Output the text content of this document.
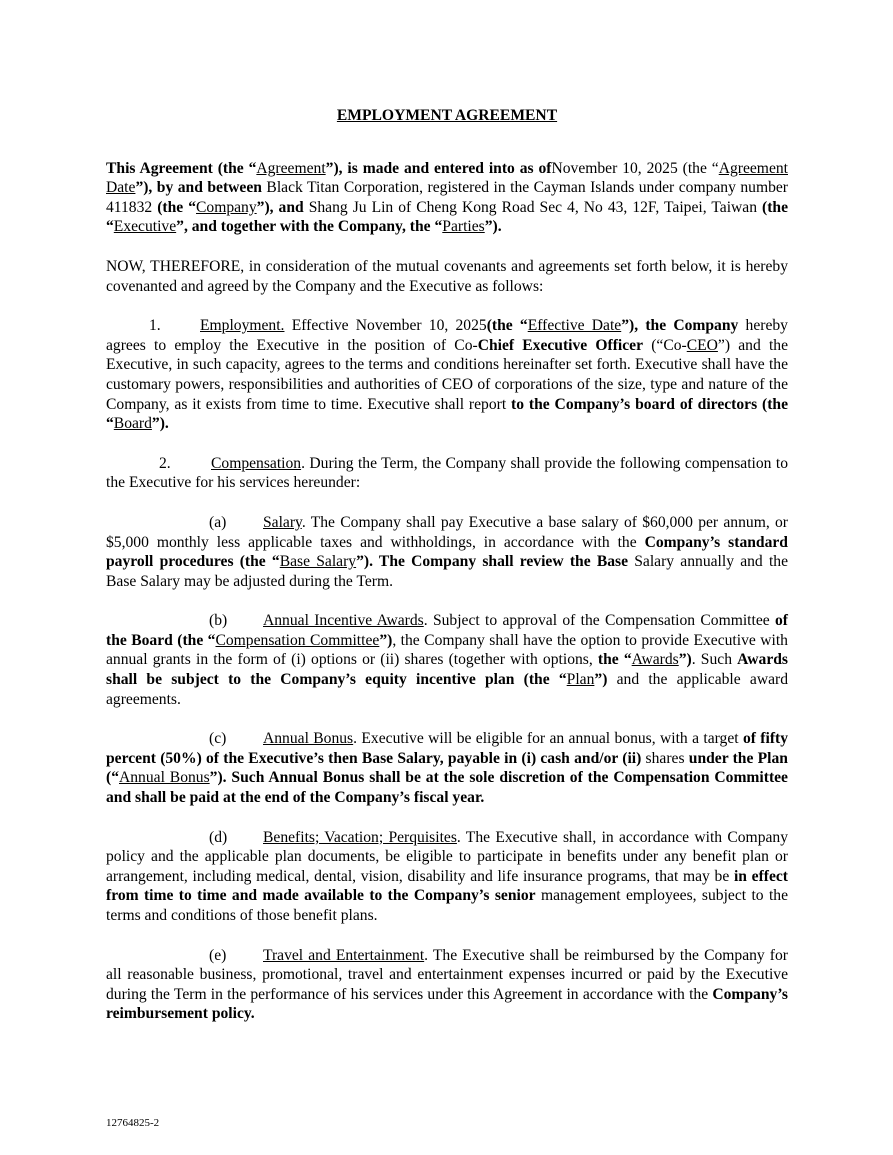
EMPLOYMENT AGREEMENT

This Agreement (the “Agreement”), is made and entered into as ofNovember 10, 2025 (the “Agreement Date”), by and between Black Titan Corporation, registered in the Cayman Islands under company number 411832 (the “Company”), and Shang Ju Lin of Cheng Kong Road Sec 4, No 43, 12F, Taipei, Taiwan (the “Executive”, and together with the Company, the “Parties”).

NOW, THEREFORE, in consideration of the mutual covenants and agreements set forth below, it is hereby covenanted and agreed by the Company and the Executive as follows:

1.	Employment. Effective November 10, 2025(the “Effective Date”), the Company hereby agrees to employ the Executive in the position of Co-Chief Executive Officer (“Co-CEO”) and the Executive, in such capacity, agrees to the terms and conditions hereinafter set forth. Executive shall have the customary powers, responsibilities and authorities of CEO of corporations of the size, type and nature of the Company, as it exists from time to time. Executive shall report to the Company’s board of directors (the “Board”).

2.	Compensation. During the Term, the Company shall provide the following compensation to the Executive for his services hereunder:

(a) Salary. The Company shall pay Executive a base salary of $60,000 per annum, or $5,000 monthly less applicable taxes and withholdings, in accordance with the Company’s standard payroll procedures (the “Base Salary”). The Company shall review the Base Salary annually and the Base Salary may be adjusted during the Term.

(b) Annual Incentive Awards. Subject to approval of the Compensation Committee of the Board (the “Compensation Committee”), the Company shall have the option to provide Executive with annual grants in the form of (i) options or (ii) shares (together with options, the “Awards”). Such Awards shall be subject to the Company’s equity incentive plan (the “Plan”) and the applicable award agreements.

(c) Annual Bonus. Executive will be eligible for an annual bonus, with a target of fifty percent (50%) of the Executive’s then Base Salary, payable in (i) cash and/or (ii) shares under the Plan (“Annual Bonus”). Such Annual Bonus shall be at the sole discretion of the Compensation Committee and shall be paid at the end of the Company’s fiscal year.

(d) Benefits; Vacation; Perquisites. The Executive shall, in accordance with Company policy and the applicable plan documents, be eligible to participate in benefits under any benefit plan or arrangement, including medical, dental, vision, disability and life insurance programs, that may be in effect from time to time and made available to the Company’s senior management employees, subject to the terms and conditions of those benefit plans.

(e) Travel and Entertainment. The Executive shall be reimbursed by the Company for all reasonable business, promotional, travel and entertainment expenses incurred or paid by the Executive during the Term in the performance of his services under this Agreement in accordance with the Company’s reimbursement policy.

12764825-2
